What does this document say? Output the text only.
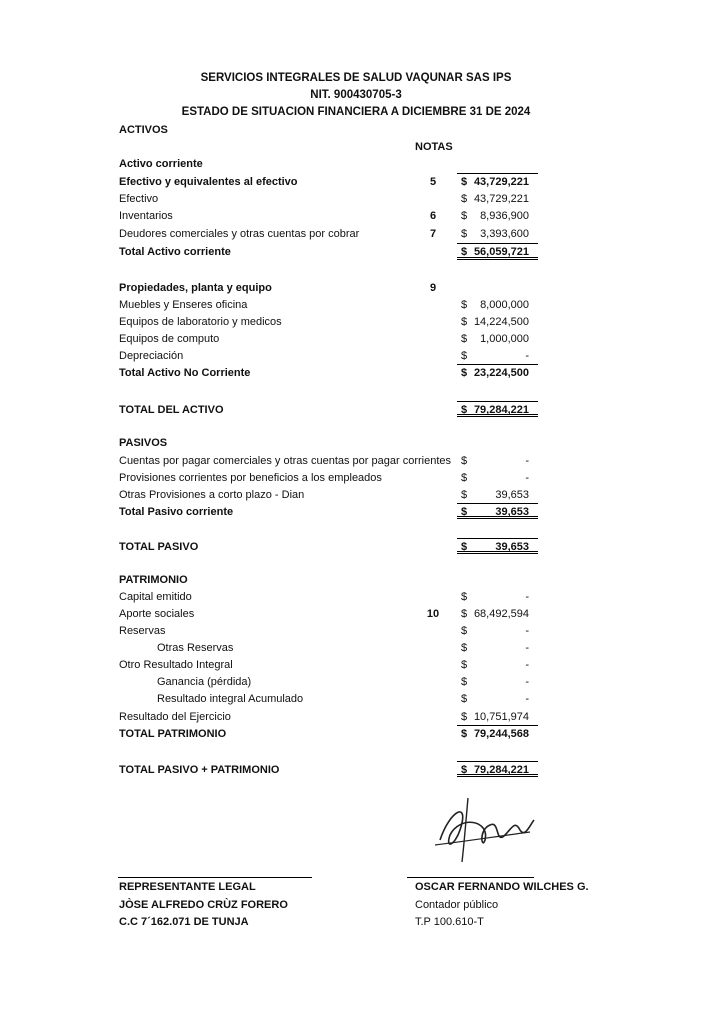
SERVICIOS INTEGRALES DE SALUD VAQUNAR SAS IPS
NIT. 900430705-3
ESTADO DE SITUACION FINANCIERA A DICIEMBRE 31 DE 2024
ACTIVOS
NOTAS
PASIVOS
PATRIMONIO
Activo corriente
Efectivo y equivalentes al efectivo	5	$ 43,729,221
Efectivo	$ 43,729,221
Inventarios	6	$ 8,936,900
Deudores comerciales y otras cuentas por cobrar	7	$ 3,393,600
Total Activo corriente	$ 56,059,721
Propiedades, planta y equipo	9
Muebles y Enseres oficina	$ 8,000,000
Equipos de laboratorio y medicos	$ 14,224,500
Equipos de computo	$ 1,000,000
Depreciación	$	-
Total Activo No Corriente	$ 23,224,500
TOTAL DEL ACTIVO	$ 79,284,221
Cuentas por pagar comerciales y otras cuentas por pagar corrientes $	-
Provisiones corrientes por beneficios a los empleados	$	-
Otras Provisiones a corto plazo - Dian	$	39,653
Total Pasivo corriente	$	39,653
TOTAL PASIVO	$	39,653
Capital emitido	$	-
Aporte sociales	10 $ 68,492,594
Reservas	$	-
Otras Reservas	$	-
Otro Resultado Integral	$	-
Ganancia (pérdida)	$	-
Resultado integral Acumulado	$	-
Resultado del Ejercicio	$ 10,751,974
TOTAL PATRIMONIO	$ 79,244,568
TOTAL PASIVO + PATRIMONIO	$ 79,284,221
REPRESENTANTE LEGAL
JÒSE ALFREDO CRÙZ FORERO
C.C 7´162.071 DE TUNJA
OSCAR FERNANDO WILCHES G.
Contador público
T.P 100.610-T
